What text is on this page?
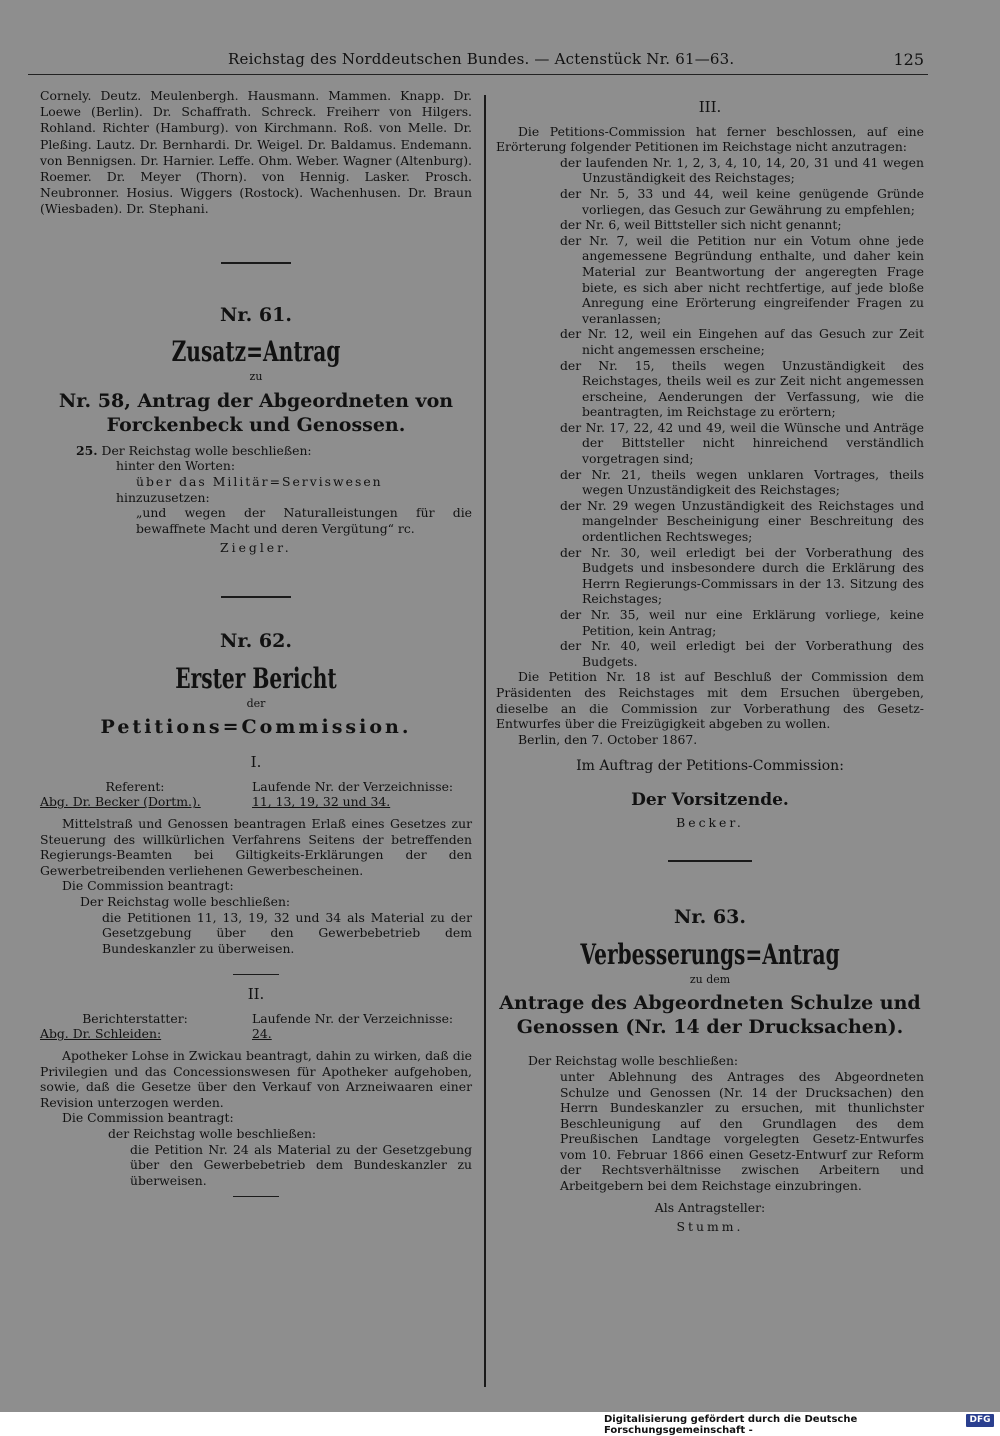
Reichstag des Norddeutschen Bundes. — Actenstück Nr. 61—63.	125

Cornely. Deutz. Meulenbergh. Hausmann. Mammen. Knapp. Dr. Loewe (Berlin). Dr. Schaffrath. Schreck. Freiherr von Hilgers. Rohland. Richter (Hamburg). von Kirchmann. Roß. von Melle. Dr. Pleßing. Lautz. Dr. Bernhardi. Dr. Weigel. Dr. Baldamus. Endemann. von Bennigsen. Dr. Harnier. Leffe. Ohm. Weber. Wagner (Altenburg). Roemer. Dr. Meyer (Thorn). von Hennig. Lasker. Prosch. Neubronner. Hosius. Wiggers (Rostock). Wachenhusen. Dr. Braun (Wiesbaden). Dr. Stephani.

Nr. 61.

Zusatz=Antrag

zu

Nr. 58, Antrag der Abgeordneten von Forckenbeck und Genossen.

25. Der Reichstag wolle beschließen:

hinter den Worten:

über das Militär=Serviswesen

hinzuzusetzen:

„und wegen der Naturalleistungen für die bewaffnete Macht und deren Vergütung“ rc.

Ziegler.

Nr. 62.

Erster Bericht

der

Petitions=Commission.

I.

Referent:

Abg. Dr. Becker (Dortm.).

Laufende Nr. der Verzeichnisse:

11, 13, 19, 32 und 34.

Mittelstraß und Genossen beantragen Erlaß eines Gesetzes zur Steuerung des willkürlichen Verfahrens Seitens der betreffenden Regierungs-Beamten bei Giltigkeits-Erklärungen der den Gewerbetreibenden verliehenen Gewerbescheinen.

Die Commission beantragt:

Der Reichstag wolle beschließen:

die Petitionen 11, 13, 19, 32 und 34 als Material zu der Gesetzgebung über den Gewerbebetrieb dem Bundeskanzler zu überweisen.

II.

Berichterstatter:

Abg. Dr. Schleiden:

Laufende Nr. der Verzeichnisse:

24.

Apotheker Lohse in Zwickau beantragt, dahin zu wirken, daß die Privilegien und das Concessionswesen für Apotheker aufgehoben, sowie, daß die Gesetze über den Verkauf von Arzneiwaaren einer Revision unterzogen werden.

Die Commission beantragt:

der Reichstag wolle beschließen:

die Petition Nr. 24 als Material zu der Gesetzgebung über den Gewerbebetrieb dem Bundeskanzler zu überweisen.

III.

Die Petitions-Commission hat ferner beschlossen, auf eine Erörterung folgender Petitionen im Reichstage nicht anzutragen:

der laufenden Nr. 1, 2, 3, 4, 10, 14, 20, 31 und 41 wegen Unzuständigkeit des Reichstages;

der Nr. 5, 33 und 44, weil keine genügende Gründe vorliegen, das Gesuch zur Gewährung zu empfehlen;

der Nr. 6, weil Bittsteller sich nicht genannt;

der Nr. 7, weil die Petition nur ein Votum ohne jede angemessene Begründung enthalte, und daher kein Material zur Beantwortung der angeregten Frage biete, es sich aber nicht rechtfertige, auf jede bloße Anregung eine Erörterung eingreifender Fragen zu veranlassen;

der Nr. 12, weil ein Eingehen auf das Gesuch zur Zeit nicht angemessen erscheine;

der Nr. 15, theils wegen Unzuständigkeit des Reichstages, theils weil es zur Zeit nicht angemessen erscheine, Aenderungen der Verfassung, wie die beantragten, im Reichstage zu erörtern;

der Nr. 17, 22, 42 und 49, weil die Wünsche und Anträge der Bittsteller nicht hinreichend verständlich vorgetragen sind;

der Nr. 21, theils wegen unklaren Vortrages, theils wegen Unzuständigkeit des Reichstages;

der Nr. 29 wegen Unzuständigkeit des Reichstages und mangelnder Bescheinigung einer Beschreitung des ordentlichen Rechtsweges;

der Nr. 30, weil erledigt bei der Vorberathung des Budgets und insbesondere durch die Erklärung des Herrn Regierungs-Commissars in der 13. Sitzung des Reichstages;

der Nr. 35, weil nur eine Erklärung vorliege, keine Petition, kein Antrag;

der Nr. 40, weil erledigt bei der Vorberathung des Budgets.

Die Petition Nr. 18 ist auf Beschluß der Commission dem Präsidenten des Reichstages mit dem Ersuchen übergeben, dieselbe an die Commission zur Vorberathung des Gesetz-Entwurfes über die Freizügigkeit abgeben zu wollen.

Berlin, den 7. October 1867.

Im Auftrag der Petitions-Commission:

Der Vorsitzende.

Becker.

Nr. 63.

Verbesserungs=Antrag

zu dem

Antrage des Abgeordneten Schulze und Genossen (Nr. 14 der Drucksachen).

Der Reichstag wolle beschließen:

unter Ablehnung des Antrages des Abgeordneten Schulze und Genossen (Nr. 14 der Drucksachen) den Herrn Bundeskanzler zu ersuchen, mit thunlichster Beschleunigung auf den Grundlagen des dem Preußischen Landtage vorgelegten Gesetz-Entwurfes vom 10. Februar 1866 einen Gesetz-Entwurf zur Reform der Rechtsverhältnisse zwischen Arbeitern und Arbeitgebern bei dem Reichstage einzubringen.

Als Antragsteller:

Stumm.

Digitalisierung gefördert durch die Deutsche Forschungsgemeinschaft -
DFG
